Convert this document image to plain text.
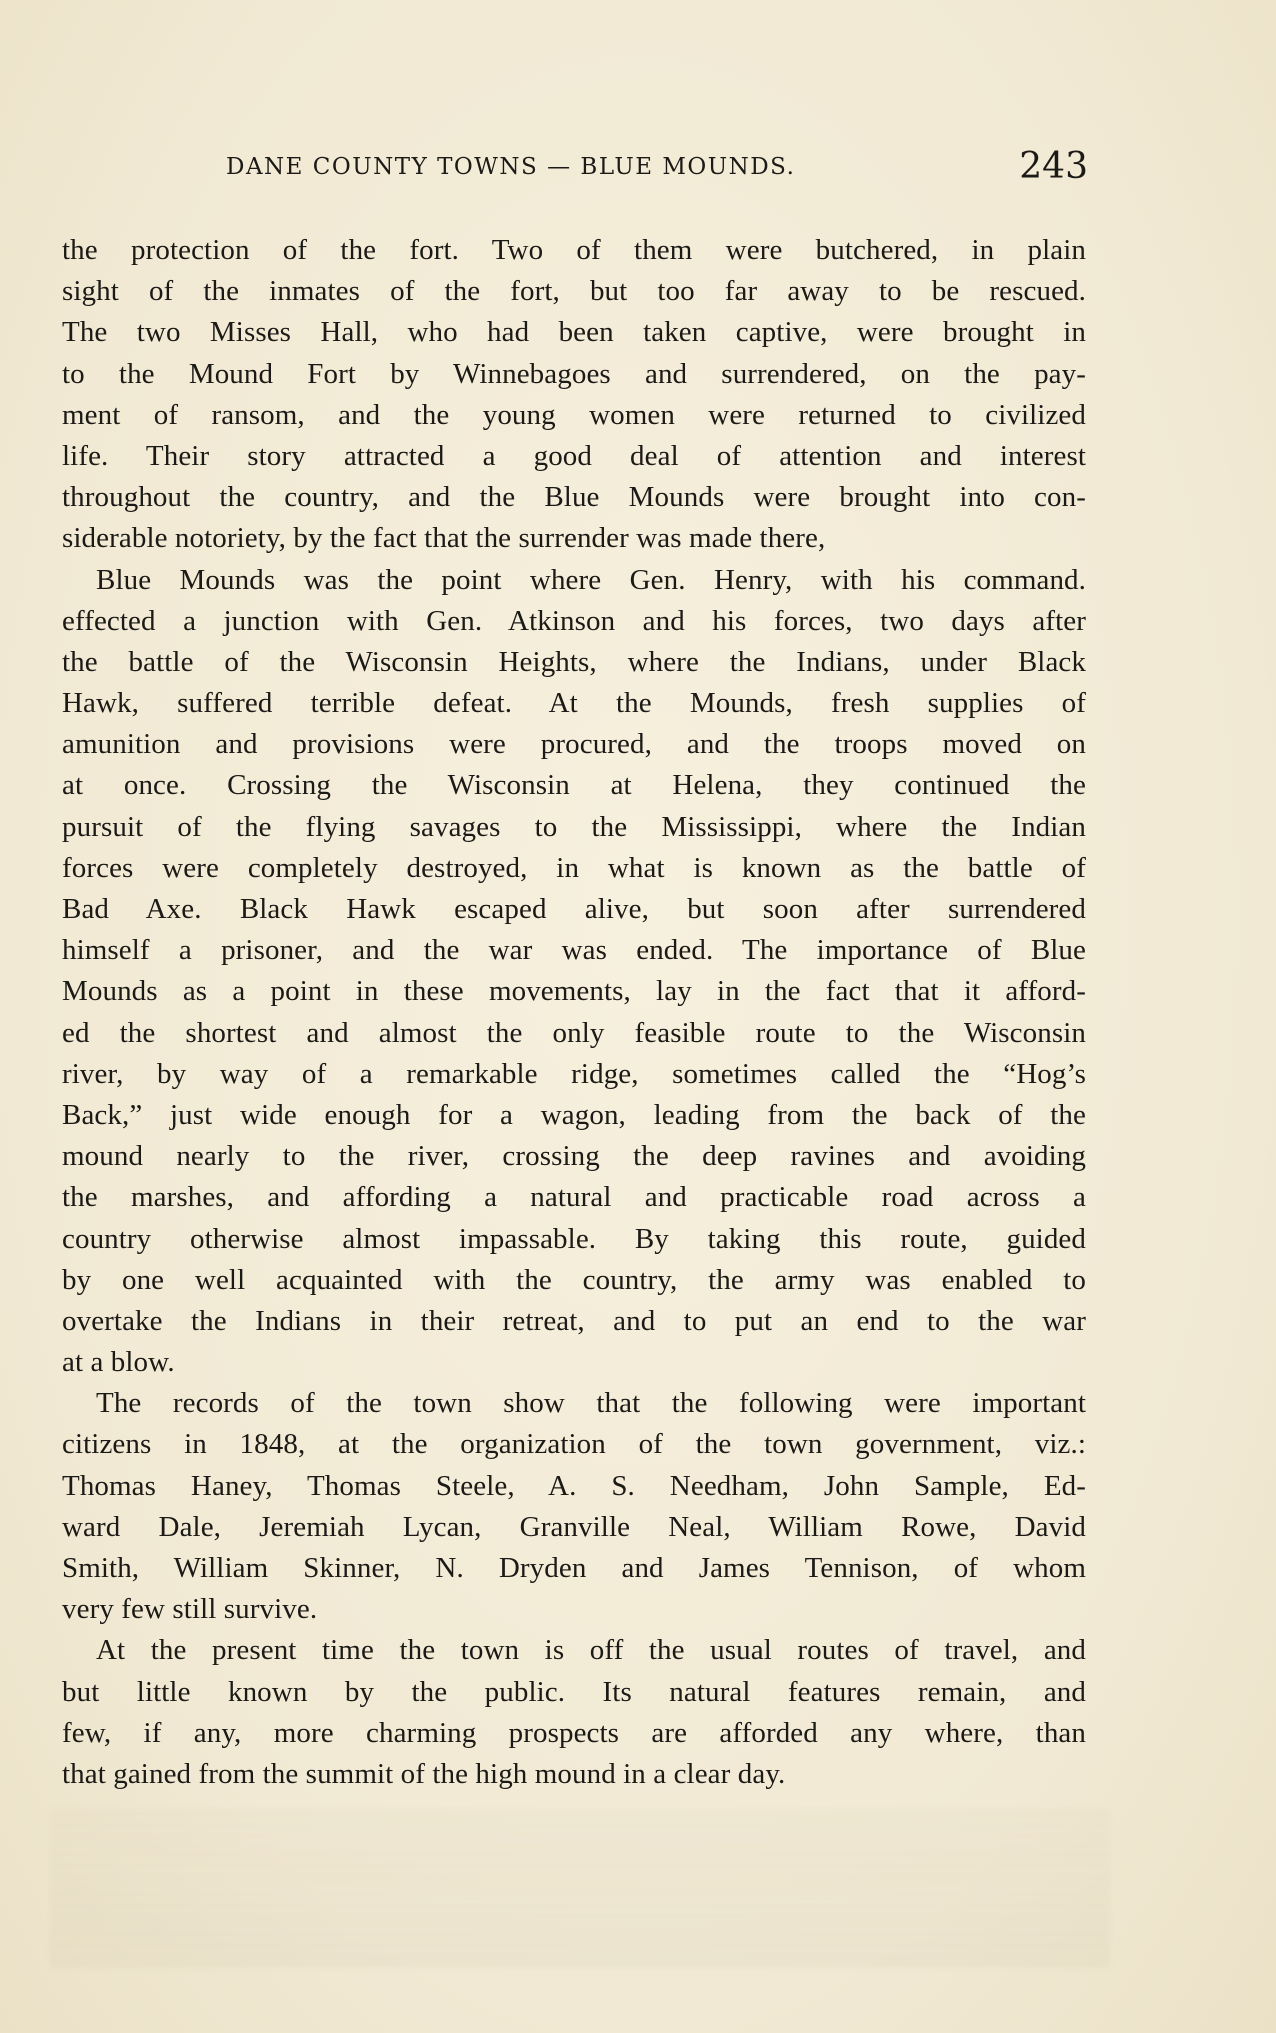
DANE COUNTY TOWNS — BLUE MOUNDS.	243
the protection of the fort. Two of them were butchered, in plain
sight of the inmates of the fort, but too far away to be rescued.
The two Misses Hall, who had been taken captive, were brought in
to the Mound Fort by Winnebagoes and surrendered, on the pay-
ment of ransom, and the young women were returned to civilized
life. Their story attracted a good deal of attention and interest
throughout the country, and the Blue Mounds were brought into con-
siderable notoriety, by the fact that the surrender was made there,
Blue Mounds was the point where Gen. Henry, with his command.
effected a junction with Gen. Atkinson and his forces, two days after
the battle of the Wisconsin Heights, where the Indians, under Black
Hawk, suffered terrible defeat. At the Mounds, fresh supplies of
amunition and provisions were procured, and the troops moved on
at once. Crossing the Wisconsin at Helena, they continued the
pursuit of the flying savages to the Mississippi, where the Indian
forces were completely destroyed, in what is known as the battle of
Bad Axe. Black Hawk escaped alive, but soon after surrendered
himself a prisoner, and the war was ended. The importance of Blue
Mounds as a point in these movements, lay in the fact that it afford-
ed the shortest and almost the only feasible route to the Wisconsin
river, by way of a remarkable ridge, sometimes called the “Hog’s
Back,” just wide enough for a wagon, leading from the back of the
mound nearly to the river, crossing the deep ravines and avoiding
the marshes, and affording a natural and practicable road across a
country otherwise almost impassable. By taking this route, guided
by one well acquainted with the country, the army was enabled to
overtake the Indians in their retreat, and to put an end to the war
at a blow.
The records of the town show that the following were important
citizens in 1848, at the organization of the town government, viz.:
Thomas Haney, Thomas Steele, A. S. Needham, John Sample, Ed-
ward Dale, Jeremiah Lycan, Granville Neal, William Rowe, David
Smith, William Skinner, N. Dryden and James Tennison, of whom
very few still survive.
At the present time the town is off the usual routes of travel, and
but little known by the public. Its natural features remain, and
few, if any, more charming prospects are afforded any where, than
that gained from the summit of the high mound in a clear day.
